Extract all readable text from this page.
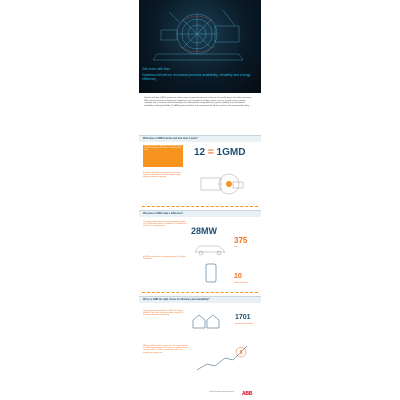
Get more with less
Gearless mill drives: Increased process availability, reliability and energy efficiency
Gearless mill drive (GMD) systems are used in mines to grind vast amounts of raw ore into smaller pieces for further processing. GMD systems eliminate all mechanical components of a conventional mill drive system, such as the girth, pinion, gearbox, couplings, motor, air-motor shaft and bearings, thus offering better energy efficiency, system reliability, increased process availability and design flexibility. This ABB gearless mill drive is the most powerful mill drive system in the mining market today.
What does a GMD look like and how does it work?
A GMD is built like a 'ring motor' which wraps around the mill. It is made up of 12 poles – one on top of the other	12 = 1GMD
By the time the poles are mounted, the ring motor is ready to be lowered into the mill providing a single, ring-wound stator of ring motor.
Why does a GMD make a difference?
The motors and the electrical control units together make up a 28 MW drive system. It would take 375 standard cars to deliver the required power!	28MW
375
cars
A GMD has a mill drive unit enough to produce 10 million cell phones.
10
million cell phones
Why is a GMD the right choice for efficiency and availability?
Compared to conventional mills, a GMD offers higher efficiency. This results in energy savings to power 1701 average residential houses per day.	1701
Residential households
GMD are mostly used in concentrators. The annual savings of a GMD are considerable. This results in estimated annual savings of USD 1.5 million in production losses for an average size copper mine.	$
For more information: www.abb.com/mining ABB
